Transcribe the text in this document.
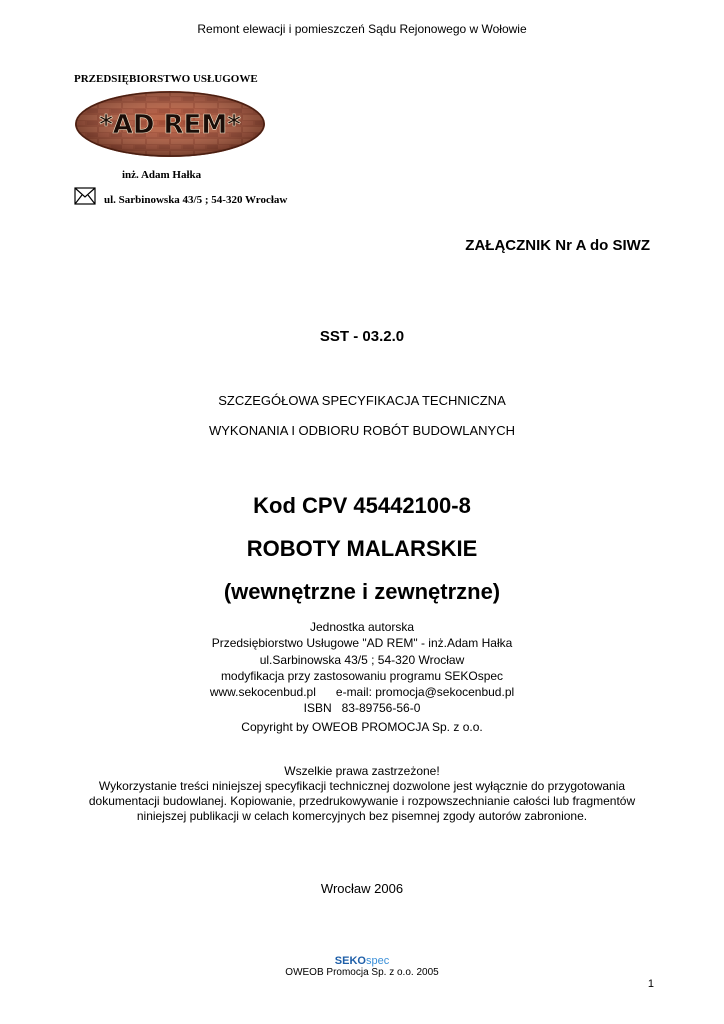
Remont elewacji i pomieszczeń Sądu Rejonowego w Wołowie
PRZEDSIĘBIORSTWO USŁUGOWE
*AD REM*
inż. Adam Hałka
ul. Sarbinowska 43/5 ; 54-320 Wrocław
ZAŁĄCZNIK Nr A do SIWZ
SST - 03.2.0
SZCZEGÓŁOWA SPECYFIKACJA TECHNICZNA
WYKONANIA I ODBIORU ROBÓT BUDOWLANYCH
Kod CPV 45442100-8
ROBOTY MALARSKIE
(wewnętrzne i zewnętrzne)
Jednostka autorska
Przedsiębiorstwo Usługowe "AD REM" - inż.Adam Hałka
ul.Sarbinowska 43/5 ; 54-320 Wrocław
modyfikacja przy zastosowaniu programu SEKOspec
www.sekocenbud.pl      e-mail: promocja@sekocenbud.pl
ISBN   83-89756-56-0
Copyright by OWEOB PROMOCJA Sp. z o.o.
Wszelkie prawa zastrzeżone!
Wykorzystanie treści niniejszej specyfikacji technicznej dozwolone jest wyłącznie do przygotowania
dokumentacji budowlanej. Kopiowanie, przedrukowywanie i rozpowszechnianie całości lub fragmentów
niniejszej publikacji w celach komercyjnych bez pisemnej zgody autorów zabronione.
Wrocław 2006
SEKOspec
OWEOB Promocja Sp. z o.o. 2005
1
